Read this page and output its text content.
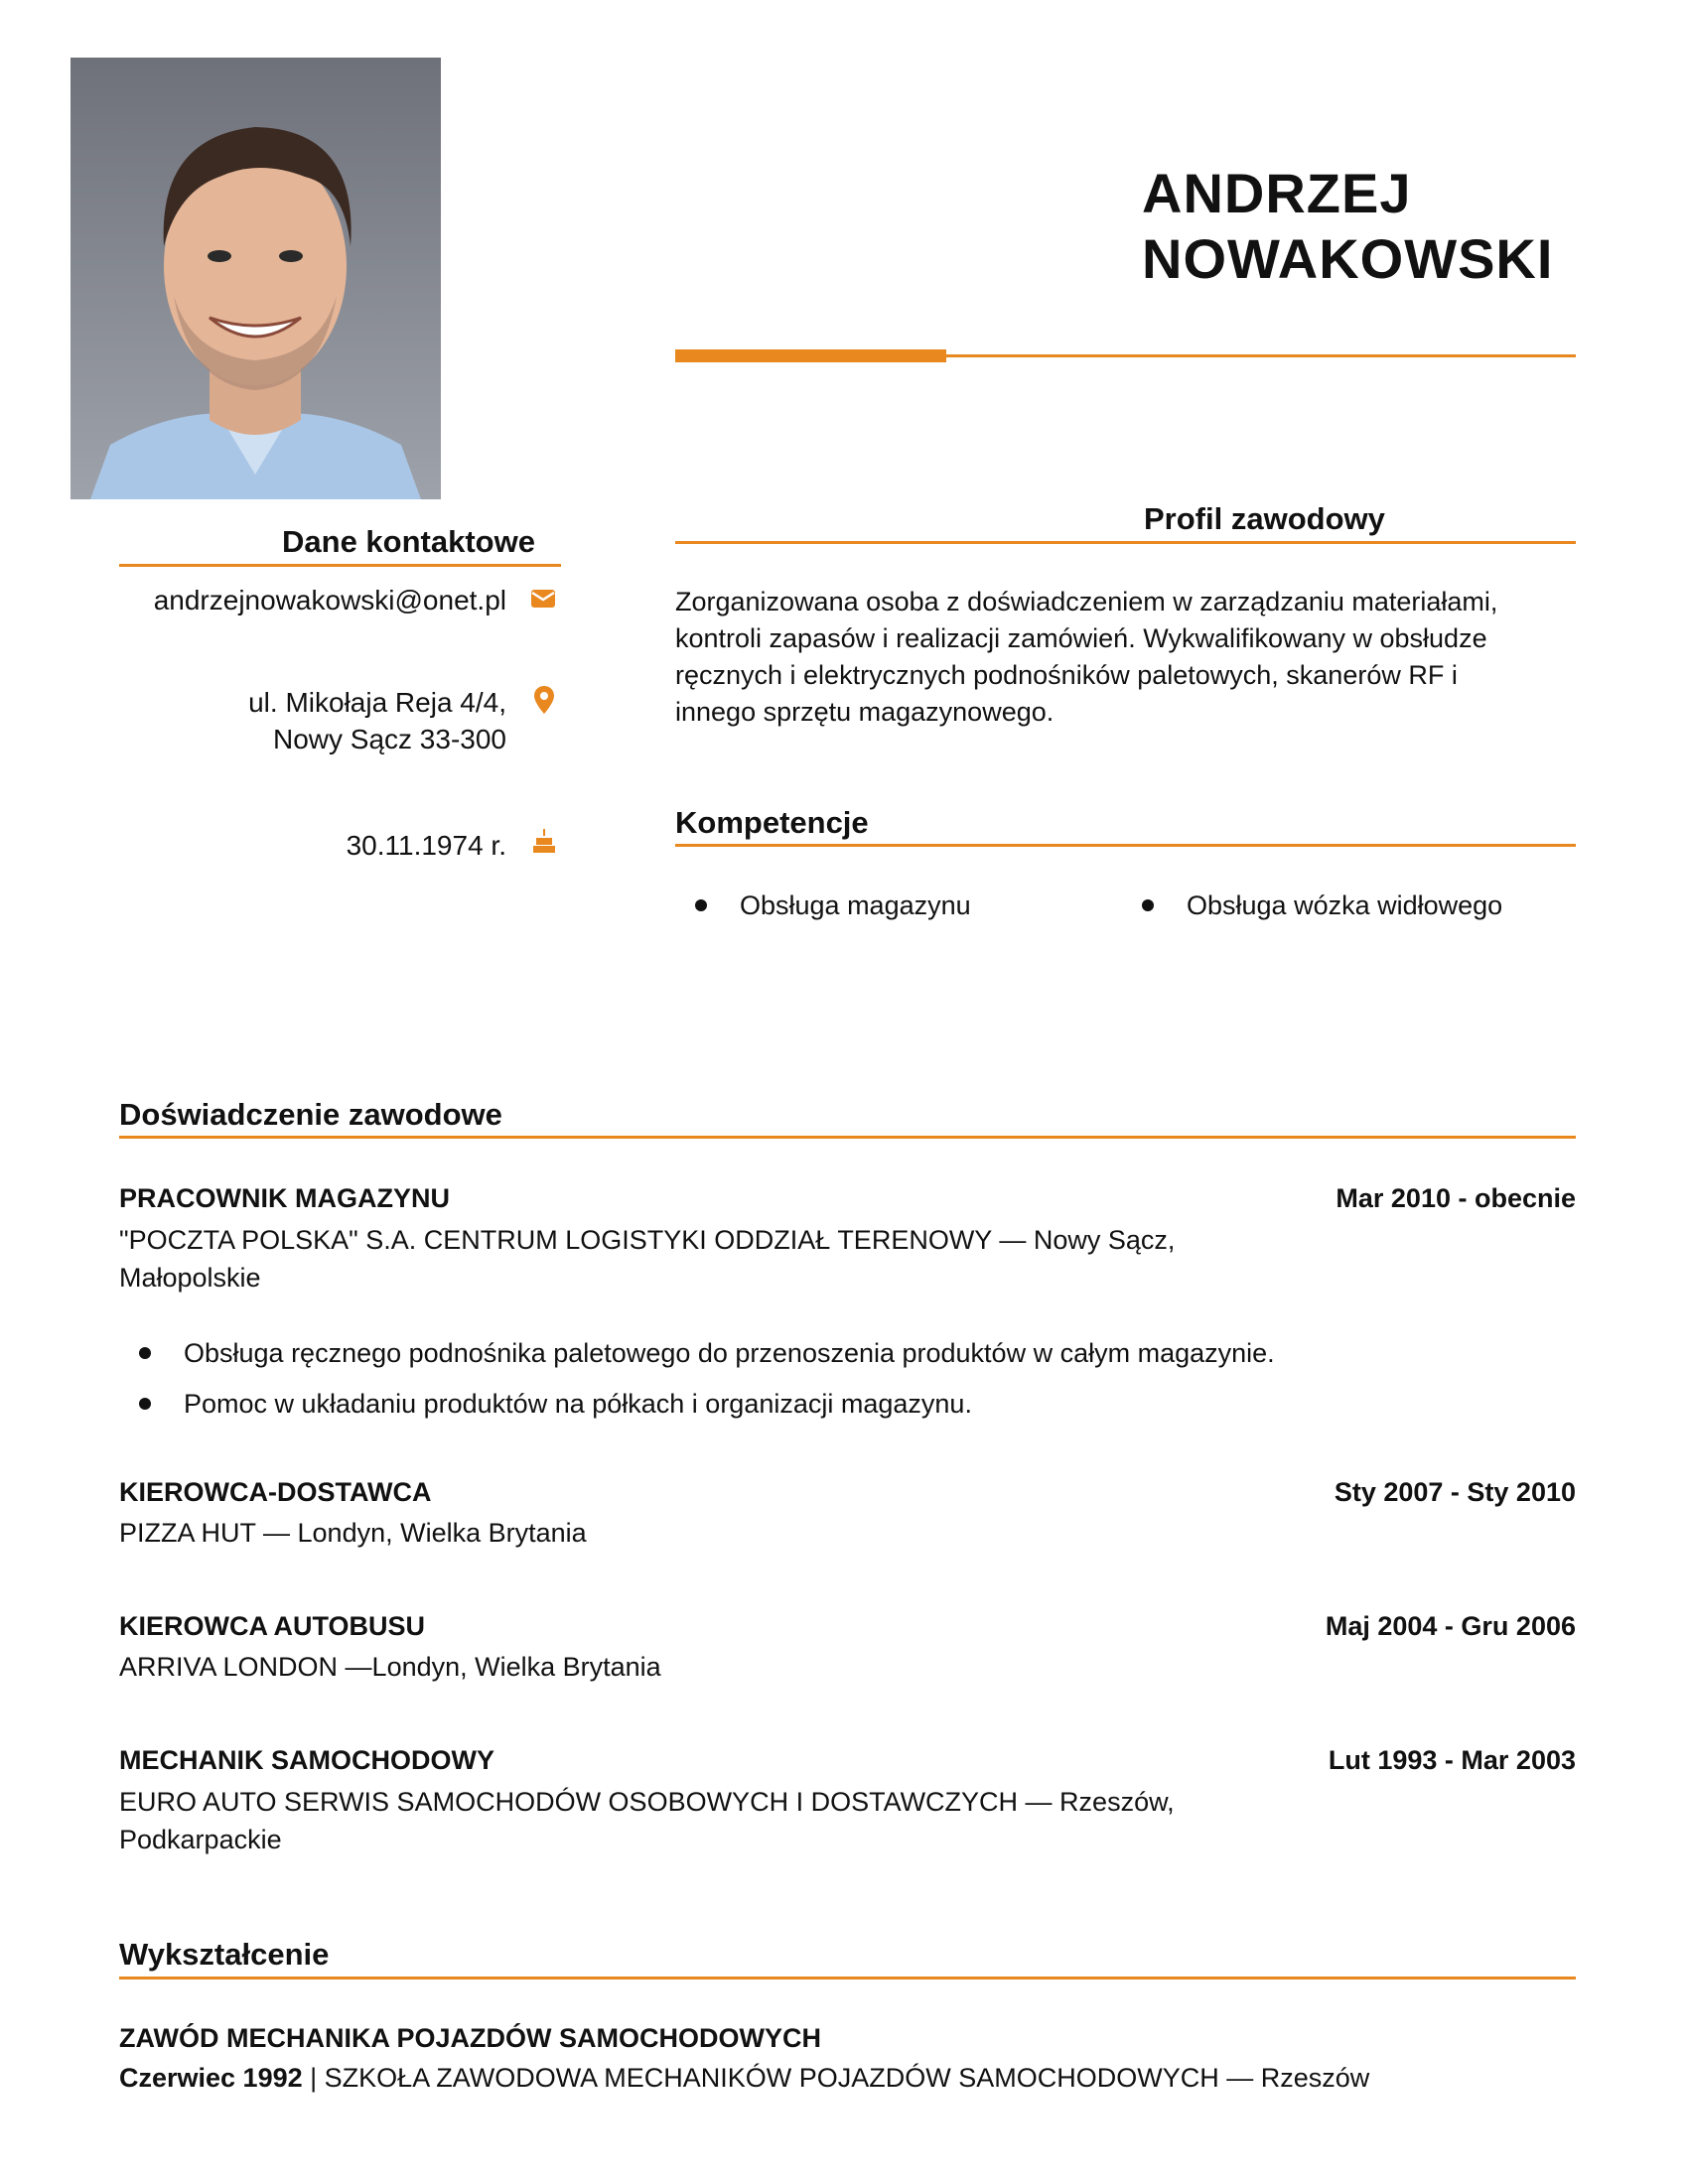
ANDRZEJ
NOWAKOWSKI
Dane kontaktowe
andrzejnowakowski@onet.pl
ul. Mikołaja Reja 4/4,
Nowy Sącz 33-300
30.11.1974 r.
Profil zawodowy
Zorganizowana osoba z doświadczeniem w zarządzaniu materiałami,
kontroli zapasów i realizacji zamówień. Wykwalifikowany w obsłudze
ręcznych i elektrycznych podnośników paletowych, skanerów RF i
innego sprzętu magazynowego.
Kompetencje
Obsługa magazynu	Obsługa wózka widłowego
Doświadczenie zawodowe
PRACOWNIK MAGAZYNU	Mar 2010 - obecnie
"POCZTA POLSKA" S.A. CENTRUM LOGISTYKI ODDZIAŁ TERENOWY — Nowy Sącz,
Małopolskie
Obsługa ręcznego podnośnika paletowego do przenoszenia produktów w całym magazynie.
Pomoc w układaniu produktów na półkach i organizacji magazynu.
KIEROWCA-DOSTAWCA	Sty 2007 - Sty 2010
PIZZA HUT — Londyn, Wielka Brytania
KIEROWCA AUTOBUSU	Maj 2004 - Gru 2006
ARRIVA LONDON —Londyn, Wielka Brytania
MECHANIK SAMOCHODOWY	Lut 1993 - Mar 2003
EURO AUTO SERWIS SAMOCHODÓW OSOBOWYCH I DOSTAWCZYCH — Rzeszów,
Podkarpackie
Wykształcenie
ZAWÓD MECHANIKA POJAZDÓW SAMOCHODOWYCH
Czerwiec 1992 | SZKOŁA ZAWODOWA MECHANIKÓW POJAZDÓW SAMOCHODOWYCH — Rzeszów
